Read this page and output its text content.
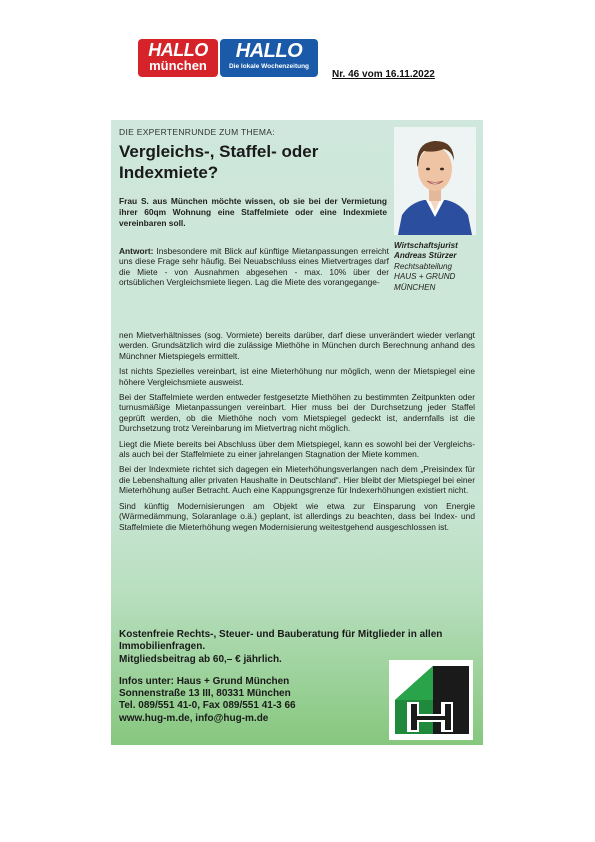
HALLO
münchen
HALLO
Die lokale Wochenzeitung
Nr. 46 vom 16.11.2022
DIE EXPERTENRUNDE ZUM THEMA:
Vergleichs-, Staffel- oder
Indexmiete?
Frau S. aus München möchte wissen, ob sie bei der Vermietung ihrer 60qm Wohnung eine Staffelmiete oder eine Indexmiete vereinbaren soll.
Antwort: Insbesondere mit Blick auf künftige Mietanpassungen erreicht uns diese Frage sehr häufig. Bei Neuabschluss eines Mietvertrages darf die Miete - von Ausnahmen abgesehen - max. 10% über der ortsüblichen Vergleichsmiete liegen. Lag die Miete des vorangegange-

nen Mietverhältnisses (sog. Vormiete) bereits darüber, darf diese unverändert wieder verlangt werden. Grundsätzlich wird die zulässige Miethöhe in München durch Berechnung anhand des Münchner Mietspiegels ermittelt.

Ist nichts Spezielles vereinbart, ist eine Mieterhöhung nur möglich, wenn der Mietspiegel eine höhere Vergleichsmiete ausweist.

Bei der Staffelmiete werden entweder festgesetzte Miethöhen zu bestimmten Zeitpunkten oder turnusmäßige Mietanpassungen vereinbart. Hier muss bei der Durchsetzung jeder Staffel geprüft werden, ob die Miethöhe noch vom Mietspiegel gedeckt ist, andernfalls ist die Durchsetzung trotz Vereinbarung im Mietvertrag nicht möglich.

Liegt die Miete bereits bei Abschluss über dem Mietspiegel, kann es sowohl bei der Vergleichs- als auch bei der Staffelmiete zu einer jahrelangen Stagnation der Miete kommen.

Bei der Indexmiete richtet sich dagegen ein Mieterhöhungsverlangen nach dem „Preisindex für die Lebenshaltung aller privaten Haushalte in Deutschland“. Hier bleibt der Mietspiegel bei einer Mieterhöhung außer Betracht. Auch eine Kappungsgrenze für Indexerhöhungen existiert nicht.

Sind künftig Modernisierungen am Objekt wie etwa zur Einsparung von Energie (Wärmedämmung, Solaranlage o.ä.) geplant, ist allerdings zu beachten, dass bei Index- und Staffelmiete die Mieterhöhung wegen Modernisierung weitestgehend ausgeschlossen ist.

Wirtschaftsjurist
Andreas Stürzer
Rechtsabteilung
HAUS + GRUND
MÜNCHEN
Kostenfreie Rechts-, Steuer- und Bauberatung für Mitglieder in allen Immobilienfragen.
Mitgliedsbeitrag ab 60,– € jährlich.
Infos unter: Haus + Grund München
Sonnenstraße 13 III, 80331 München
Tel. 089/551 41-0, Fax 089/551 41-3 66
www.hug-m.de, info@hug-m.de
